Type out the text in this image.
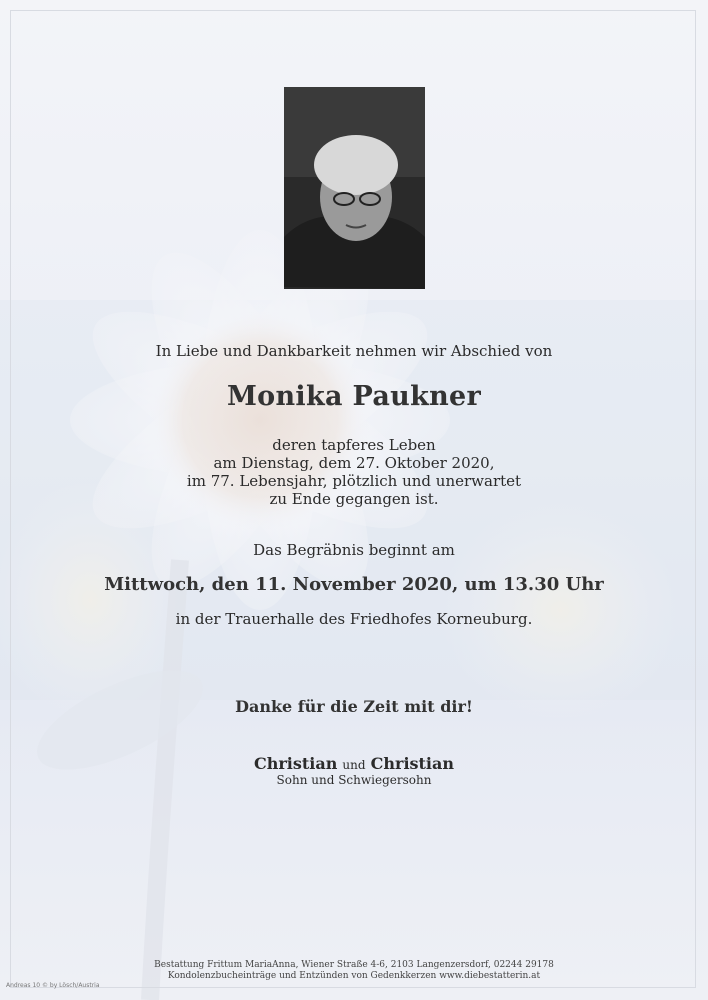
In Liebe und Dankbarkeit nehmen wir Abschied von
Monika Paukner
deren tapferes Leben
am Dienstag, dem 27. Oktober 2020,
im 77. Lebensjahr, plötzlich und unerwartet
zu Ende gegangen ist.
Das Begräbnis beginnt am
Mittwoch, den 11. November 2020, um 13.30 Uhr
in der Trauerhalle des Friedhofes Korneuburg.
Danke für die Zeit mit dir!
Christian und Christian
Sohn und Schwiegersohn
Bestattung Frittum MariaAnna, Wiener Straße 4-6, 2103 Langenzersdorf, 02244 29178
Kondolenzbucheinträge und Entzünden von Gedenkkerzen www.diebestatterin.at
Andreas 10 © by Lösch/Austria
